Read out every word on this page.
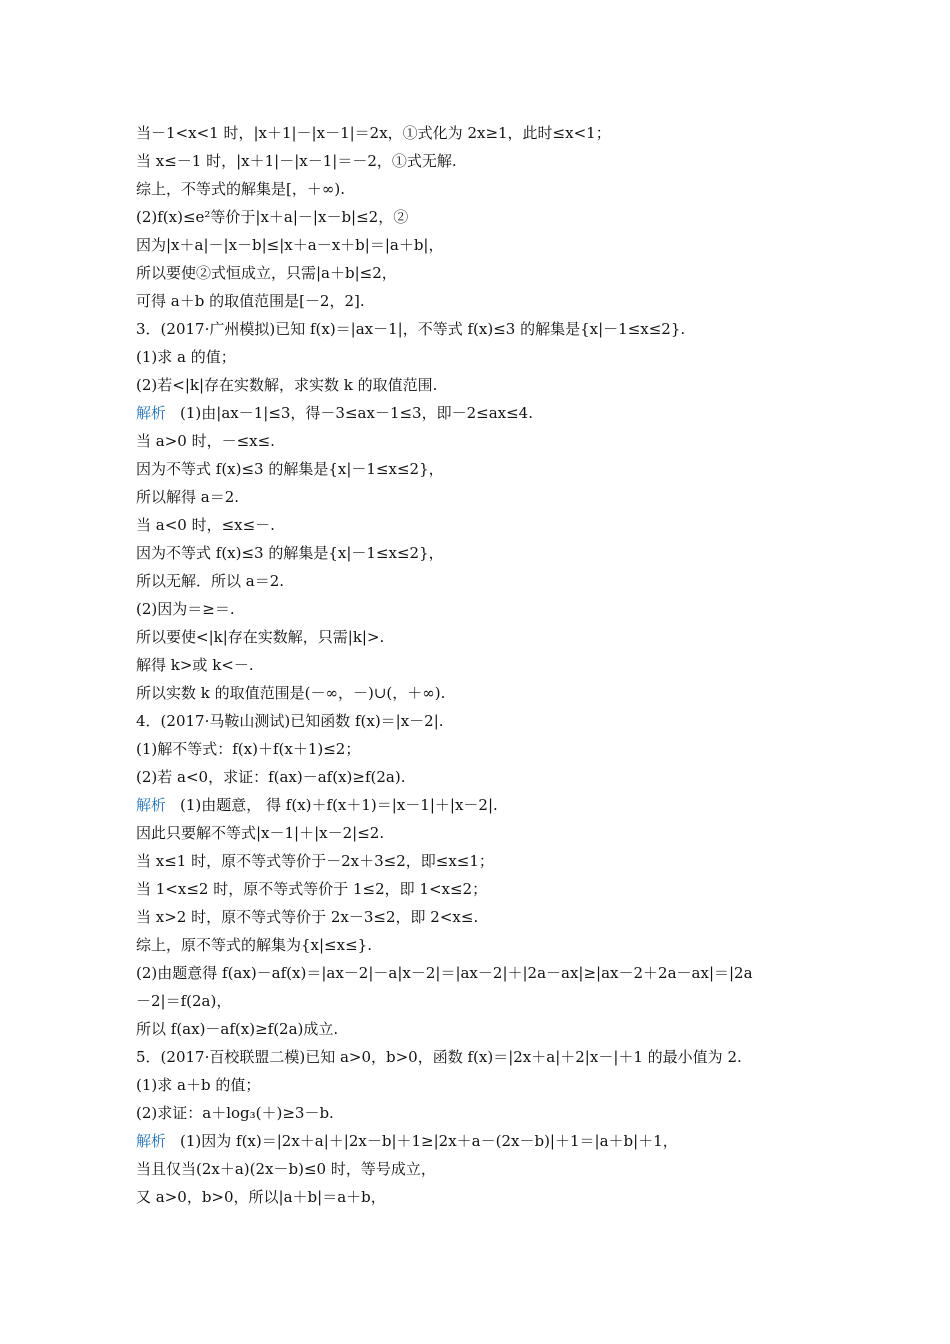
当－1<x<1 时，|x＋1|－|x－1|＝2x，①式化为 2x≥1，此时≤x<1；
当 x≤－1 时，|x＋1|－|x－1|＝－2，①式无解.
综上，不等式的解集是[，＋∞).
(2)f(x)≤e²等价于|x＋a|－|x－b|≤2，②
因为|x＋a|－|x－b|≤|x＋a－x＋b|＝|a＋b|，
所以要使②式恒成立，只需|a＋b|≤2，
可得 a＋b 的取值范围是[－2，2].
3．(2017·广州模拟)已知 f(x)＝|ax－1|，不等式 f(x)≤3 的解集是{x|－1≤x≤2}.
(1)求 a 的值；
(2)若<|k|存在实数解，求实数 k 的取值范围.
解析 (1)由|ax－1|≤3，得－3≤ax－1≤3，即－2≤ax≤4.
当 a>0 时，－≤x≤.
因为不等式 f(x)≤3 的解集是{x|－1≤x≤2}，
所以解得 a＝2.
当 a<0 时，≤x≤－.
因为不等式 f(x)≤3 的解集是{x|－1≤x≤2}，
所以无解．所以 a＝2.
(2)因为＝≥＝.
所以要使<|k|存在实数解，只需|k|>.
解得 k>或 k<－.
所以实数 k 的取值范围是(－∞，－)∪(，＋∞).
4．(2017·马鞍山测试)已知函数 f(x)＝|x－2|.
(1)解不等式：f(x)＋f(x＋1)≤2；
(2)若 a<0，求证：f(ax)－af(x)≥f(2a).
解析 (1)由题意， 得 f(x)＋f(x＋1)＝|x－1|＋|x－2|.
因此只要解不等式|x－1|＋|x－2|≤2.
当 x≤1 时，原不等式等价于－2x＋3≤2，即≤x≤1；
当 1<x≤2 时，原不等式等价于 1≤2，即 1<x≤2；
当 x>2 时，原不等式等价于 2x－3≤2，即 2<x≤.
综上，原不等式的解集为{x|≤x≤}.
(2)由题意得 f(ax)－af(x)＝|ax－2|－a|x－2|＝|ax－2|＋|2a－ax|≥|ax－2＋2a－ax|＝|2a
－2|＝f(2a)，
所以 f(ax)－af(x)≥f(2a)成立.
5．(2017·百校联盟二模)已知 a>0，b>0，函数 f(x)＝|2x＋a|＋2|x－|＋1 的最小值为 2.
(1)求 a＋b 的值；
(2)求证：a＋log₃(＋)≥3－b.
解析 (1)因为 f(x)＝|2x＋a|＋|2x－b|＋1≥|2x＋a－(2x－b)|＋1＝|a＋b|＋1，
当且仅当(2x＋a)(2x－b)≤0 时，等号成立，
又 a>0，b>0，所以|a＋b|＝a＋b，
